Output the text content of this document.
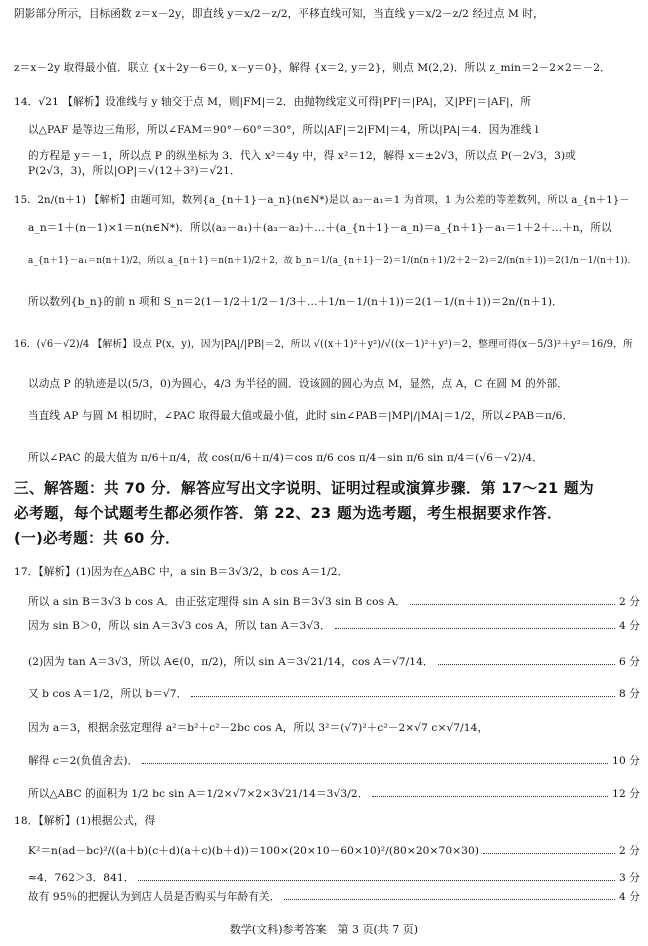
阴影部分所示，目标函数 z＝x－2y，即直线 y＝x/2－z/2，平移直线可知，当直线 y＝x/2－z/2 经过点 M 时，
z＝x－2y 取得最小值．联立 {x＋2y－6＝0, x－y＝0}，解得 {x＝2, y＝2}，则点 M(2,2)．所以 z_min＝2－2×2＝－2．
14．√21 【解析】设准线与 y 轴交于点 M，则|FM|＝2．由抛物线定义可得|PF|＝|PA|，又|PF|＝|AF|，所
以△PAF 是等边三角形，所以∠FAM＝90°－60°＝30°，所以|AF|＝2|FM|＝4，所以|PA|＝4．因为准线 l
的方程是 y＝－1，所以点 P 的纵坐标为 3．代入 x²＝4y 中，得 x²＝12，解得 x＝±2√3，所以点 P(－2√3，3)或
P(2√3，3)，所以|OP|＝√(12＋3²)＝√21．
15．2n/(n＋1) 【解析】由题可知，数列{a_{n＋1}－a_n}(n∈N*)是以 a₂－a₁＝1 为首项，1 为公差的等差数列，所以 a_{n＋1}－
a_n＝1＋(n－1)×1＝n(n∈N*)．所以(a₂－a₁)＋(a₃－a₂)＋…＋(a_{n＋1}－a_n)＝a_{n＋1}－a₁＝1＋2＋…＋n，所以
a_{n＋1}－a₁＝n(n＋1)/2，所以 a_{n＋1}＝n(n＋1)/2＋2，故 b_n＝1/(a_{n＋1}－2)＝1/(n(n＋1)/2＋2－2)＝2/(n(n＋1))＝2(1/n－1/(n＋1))．
所以数列{b_n}的前 n 项和 S_n＝2(1－1/2＋1/2－1/3＋…＋1/n－1/(n＋1))＝2(1－1/(n＋1))＝2n/(n＋1)．
16．(√6－√2)/4 【解析】设点 P(x，y)，因为|PA|/|PB|＝2，所以 √((x＋1)²＋y²)/√((x－1)²＋y²)＝2，整理可得(x－5/3)²＋y²＝16/9，所
以动点 P 的轨迹是以(5/3，0)为圆心，4/3 为半径的圆．设该圆的圆心为点 M，显然，点 A，C 在圆 M 的外部．
当直线 AP 与圆 M 相切时，∠PAC 取得最大值或最小值，此时 sin∠PAB＝|MP|/|MA|＝1/2，所以∠PAB＝π/6．
所以∠PAC 的最大值为 π/6＋π/4，故 cos(π/6＋π/4)＝cos π/6 cos π/4－sin π/6 sin π/4＝(√6－√2)/4．
三、解答题：共 70 分．解答应写出文字说明、证明过程或演算步骤．第 17～21 题为
必考题，每个试题考生都必须作答．第 22、23 题为选考题，考生根据要求作答．
(一)必考题：共 60 分．
17．【解析】(1)因为在△ABC 中，a sin B＝3√3/2，b cos A＝1/2．
所以 a sin B＝3√3 b cos A．由正弦定理得 sin A sin B＝3√3 sin B cos A．	2 分
因为 sin B＞0，所以 sin A＝3√3 cos A，所以 tan A＝3√3．	4 分
(2)因为 tan A＝3√3，所以 A∈(0，π/2)，所以 sin A＝3√21/14，cos A＝√7/14．	6 分
又 b cos A＝1/2，所以 b＝√7．	8 分
因为 a＝3，根据余弦定理得 a²＝b²＋c²－2bc cos A，所以 3²＝(√7)²＋c²－2×√7 c×√7/14，
解得 c＝2(负值舍去)．	10 分
所以△ABC 的面积为 1/2 bc sin A＝1/2×√7×2×3√21/14＝3√3/2．	12 分
18．【解析】(1)根据公式，得
K²＝n(ad－bc)²/((a＋b)(c＋d)(a＋c)(b＋d))＝100×(20×10－60×10)²/(80×20×70×30)	2 分
≈4．762＞3．841．	3 分
故有 95％的把握认为到店人员是否购买与年龄有关．	4 分
数学(文科)参考答案　第 3 页(共 7 页)
